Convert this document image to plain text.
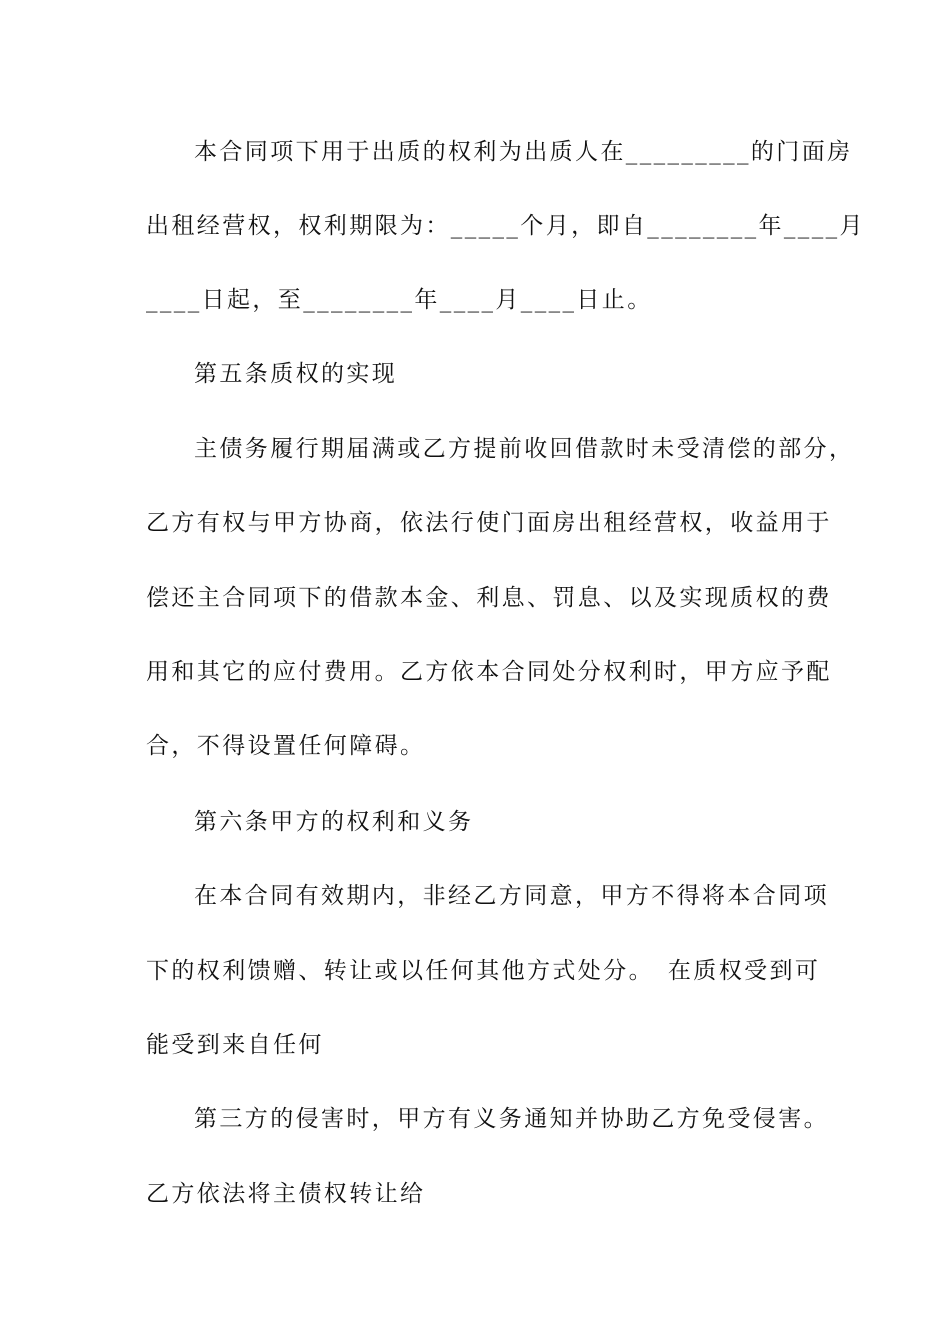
本合同项下用于出质的权利为出质人在_________的门面房
出租经营权，权利期限为：_____个月，即自________年____月
____日起，至________年____月____日止。
第五条质权的实现
主债务履行期届满或乙方提前收回借款时未受清偿的部分，
乙方有权与甲方协商，依法行使门面房出租经营权，收益用于
偿还主合同项下的借款本金、利息、罚息、以及实现质权的费
用和其它的应付费用。乙方依本合同处分权利时，甲方应予配
合，不得设置任何障碍。
第六条甲方的权利和义务
在本合同有效期内，非经乙方同意，甲方不得将本合同项
下的权利馈赠、转让或以任何其他方式处分。　在质权受到可
能受到来自任何
第三方的侵害时，甲方有义务通知并协助乙方免受侵害。
乙方依法将主债权转让给
